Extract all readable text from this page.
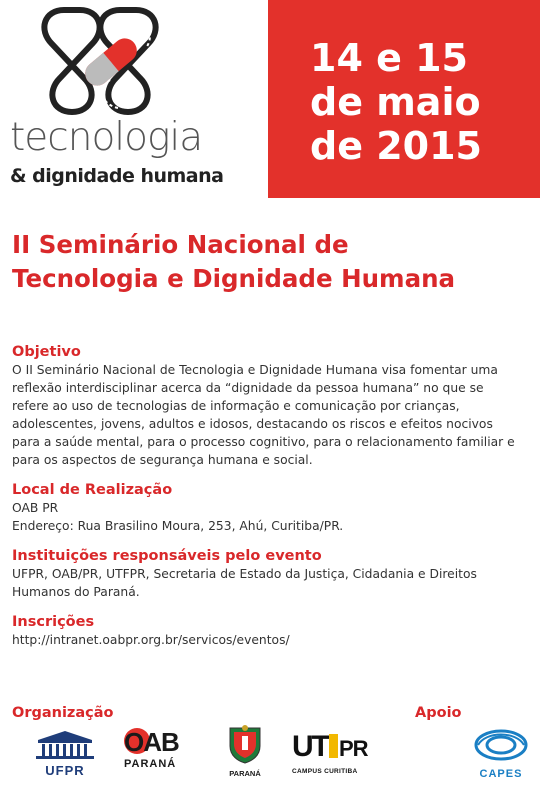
tecnologia
& dignidade humana
14 e 15
de maio
de 2015
II Seminário Nacional de
Tecnologia e Dignidade Humana

Objetivo

O II Seminário Nacional de Tecnologia e Dignidade Humana visa fomentar uma
reflexão interdisciplinar acerca da “dignidade da pessoa humana” no que se
refere ao uso de tecnologias de informação e comunicação por crianças,
adolescentes, jovens, adultos e idosos, destacando os riscos e efeitos nocivos
para a saúde mental, para o processo cognitivo, para o relacionamento familiar e
para os aspectos de segurança humana e social.

Local de Realização

OAB PR
Endereço: Rua Brasilino Moura, 253, Ahú, Curitiba/PR.

Instituições responsáveis pelo evento

UFPR, OAB/PR, UTFPR, Secretaria de Estado da Justiça, Cidadania e Direitos
Humanos do Paraná.

Inscrições

http://intranet.oabpr.org.br/servicos/eventos/
Organização	Apoio
UFPR
OAB
PARANÁ
PARANÁ
UT PR
CAMPUS CURITIBA	CAPES
